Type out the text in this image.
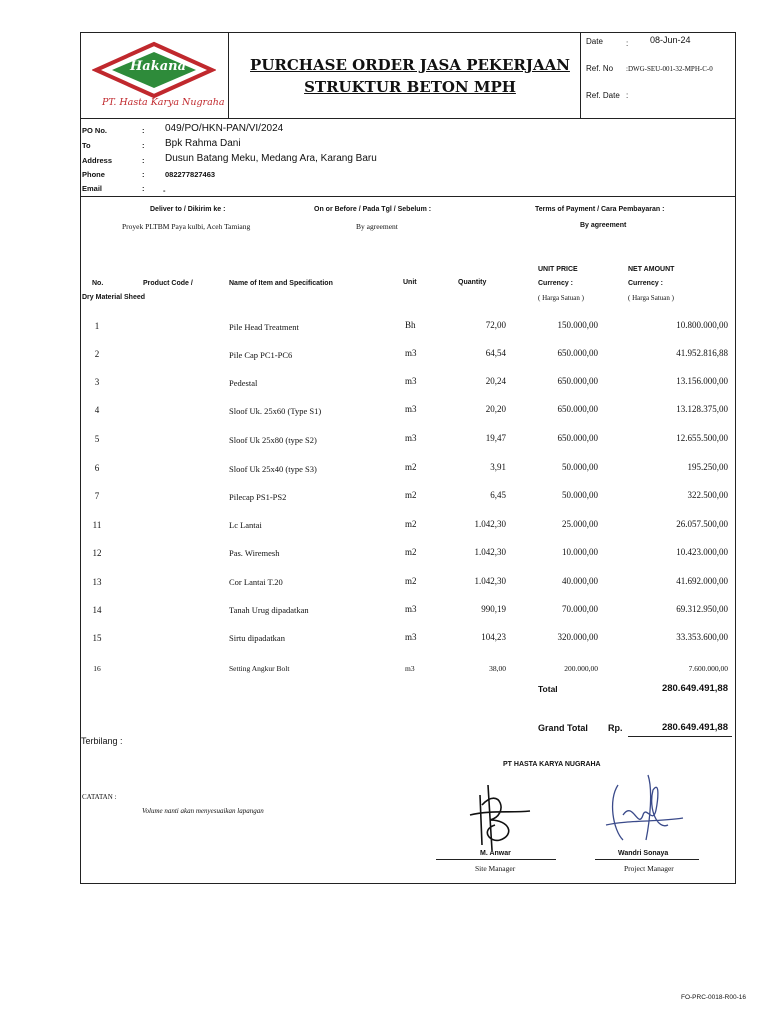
Hakana
PT. Hasta Karya Nugraha
PURCHASE ORDER JASA PEKERJAAN
STRUKTUR BETON MPH
Date	: 08-Jun-24
Ref. No :DWG-SEU-001-32-MPH-C-0
Ref. Date :
PO No.	: 049/PO/HKN-PAN/VI/2024
To	: Bpk Rahma Dani
Address	: Dusun Batang Meku, Medang Ara, Karang Baru
Phone	:	082277827463
Email	: -
Deliver to / Dikirim ke :
Proyek PLTBM Paya kulbi, Aceh Tamiang
On or Before / Pada Tgl / Sebelum :
By agreement
Terms of Payment / Cara Pembayaran :
By agreement
No.	Product Code /
Dry Material Sheed
Name of Item and Specification	Unit	Quantity
UNIT PRICE
Currency :
( Harga Satuan )
NET AMOUNT
Currency :
( Harga Satuan )
1	Pile Head Treatment	Bh	72,00	150.000,00	10.800.000,00
2	Pile Cap PC1-PC6	m3	64,54	650.000,00	41.952.816,88
3	Pedestal	m3	20,24	650.000,00	13.156.000,00
4	Sloof Uk. 25x60 (Type S1)	m3	20,20	650.000,00	13.128.375,00
5	Sloof Uk 25x80 (type S2)	m3	19,47	650.000,00	12.655.500,00
6	Sloof Uk 25x40 (type S3)	m2	3,91	50.000,00	195.250,00
7	Pilecap PS1-PS2	m2	6,45	50.000,00	322.500,00
11	Lc Lantai	m2	1.042,30	25.000,00	26.057.500,00
12	Pas. Wiremesh	m2	1.042,30	10.000,00	10.423.000,00
13	Cor Lantai T.20	m2	1.042,30	40.000,00	41.692.000,00
14	Tanah Urug dipadatkan	m3	990,19	70.000,00	69.312.950,00
15	Sirtu dipadatkan	m3	104,23	320.000,00	33.353.600,00
16	Setting Angkur Bolt	m3	38,00	200.000,00	7.600.000,00
Total	280.649.491,88
Grand Total Rp.	280.649.491,88
Terbilang :
PT HASTA KARYA NUGRAHA
CATATAN :
Volume nanti akan menyesuaikan lapangan
M. Anwar
Site Manager
Wandri Sonaya
Project Manager
FO-PRC-0018-R00-16
